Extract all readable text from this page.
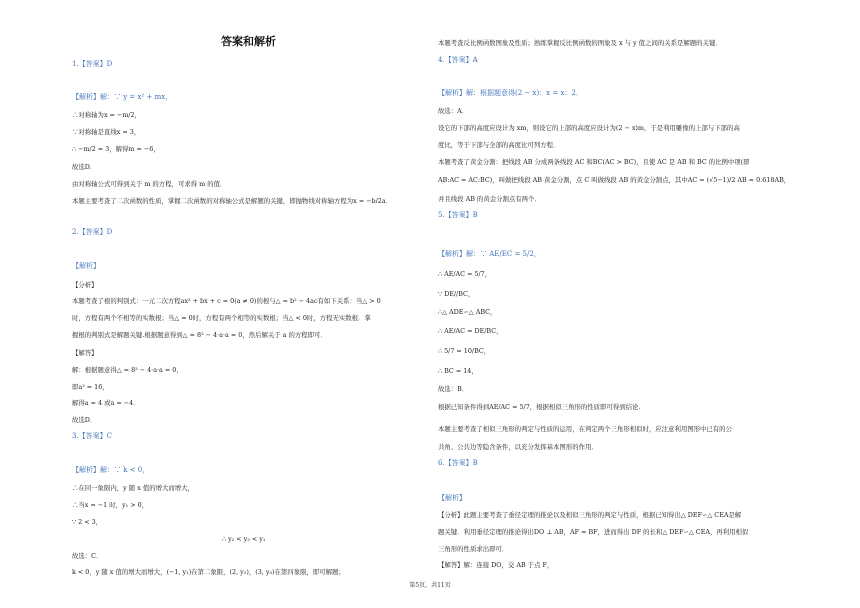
答案和解析
1.【答案】D
【解析】解：∵ y = x² + mx，
∴对称轴为x = −m/2，
∵对称轴是直线x = 3，
∴ −m/2 = 3，解得m = −6，
故选D．
由对称轴公式可得到关于 m 的方程，可求得 m 的值．
本题主要考查了二次函数的性质，掌握二次函数的对称轴公式是解题的关键，即抛物线对称轴方程为x = −b/2a．
2.【答案】D
【解析】
【分析】
本题考查了根的判别式：一元二次方程ax² + bx + c = 0(a ≠ 0)的根与△ = b² − 4ac有如下关系：当△ > 0
时，方程有两个不相等的实数根；当△ = 0时，方程有两个相等的实数根；当△ < 0时，方程无实数根．掌
握根的判别式是解题关键.根据题意得到△ = 8² − 4·a·a = 0，然后解关于 a 的方程即可．
【解答】
解：根据题意得△ = 8² − 4·a·a = 0，
即a² = 16，
解得a = 4 或a = −4．
故选D．
3.【答案】C
【解析】解：∵ k < 0，
∴在同一象限内，y 随 x 值的增大而增大，
∴当x = −1 时，y₁ > 0，
∵ 2 < 3，
∴ y₂ < y₃ < y₁
故选：C．
k < 0，y 随 x 值的增大而增大，(−1, y₁)在第二象限，(2, y₂)，(3, y₃)在第四象限，即可解题；
本题考查反比例函数图象及性质；熟练掌握反比例函数的图象及 x 与 y 值之间的关系是解题的关键．
4.【答案】A
【解析】解：根据题意得(2 − x)：x = x：2．
故选：A．
设它的下部的高度应设计为 xm，则设它的上部的高度应设计为(2 − x)m，于是利用雕像的上部与下部的高
度比，等于下部与全部的高度比可列方程．
本题考查了黄金分割：把线段 AB 分成两条线段 AC 和BC(AC > BC)，且使 AC 是 AB 和 BC 的比例中项(即
AB:AC = AC:BC)，叫做把线段 AB 黄金分割，点 C 叫做线段 AB 的黄金分割点，其中AC = (√5−1)/2 AB ≈ 0.618AB，
并且线段 AB 的黄金分割点有两个．
5.【答案】B
【解析】解：∵ AE/EC = 5/2，
∴ AE/AC = 5/7，
∵ DE//BC，
∴△ ADE∽△ ABC，
∴ AE/AC = DE/BC，
∴ 5/7 = 10/BC，
∴ BC = 14，
故选：B．
根据已知条件得到AE/AC = 5/7，根据相似三角形的性质即可得到结论．
本题主要考查了相似三角形的判定与性质的运用，在判定两个三角形相似时，应注意利用图形中已有的公
共角、公共边等隐含条件，以充分发挥基本图形的作用．
6.【答案】B
【解析】
【分析】此题主要考查了垂径定理的推论以及相似三角形的判定与性质，根据已知得出△ DEF∽△ CEA是解
题关键．利用垂径定理的推论得出DO ⊥ AB，AF = BF，进而得出 DF 的长和△ DEF∽△ CEA，再利用相似
三角形的性质求出即可．
【解答】解：连接 DO，交 AB 于点 F，
第5页，共11页
